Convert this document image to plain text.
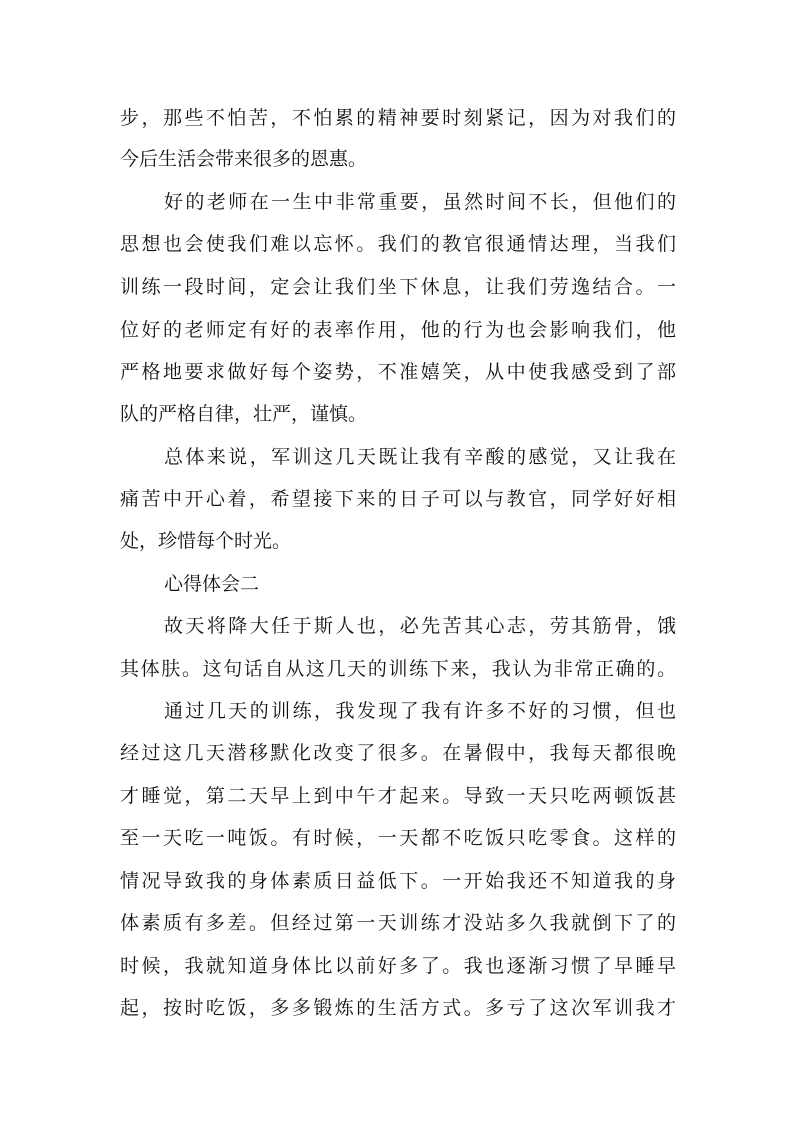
步，那些不怕苦，不怕累的精神要时刻紧记，因为对我们的
今后生活会带来很多的恩惠。
好的老师在一生中非常重要，虽然时间不长，但他们的
思想也会使我们难以忘怀。我们的教官很通情达理，当我们
训练一段时间，定会让我们坐下休息，让我们劳逸结合。一
位好的老师定有好的表率作用，他的行为也会影响我们，他
严格地要求做好每个姿势，不准嬉笑，从中使我感受到了部
队的严格自律，壮严，谨慎。
总体来说，军训这几天既让我有辛酸的感觉，又让我在
痛苦中开心着，希望接下来的日子可以与教官，同学好好相
处，珍惜每个时光。
心得体会二
故天将降大任于斯人也，必先苦其心志，劳其筋骨，饿
其体肤。这句话自从这几天的训练下来，我认为非常正确的。
通过几天的训练，我发现了我有许多不好的习惯，但也
经过这几天潜移默化改变了很多。在暑假中，我每天都很晚
才睡觉，第二天早上到中午才起来。导致一天只吃两顿饭甚
至一天吃一吨饭。有时候，一天都不吃饭只吃零食。这样的
情况导致我的身体素质日益低下。一开始我还不知道我的身
体素质有多差。但经过第一天训练才没站多久我就倒下了的
时候，我就知道身体比以前好多了。我也逐渐习惯了早睡早
起，按时吃饭，多多锻炼的生活方式。多亏了这次军训我才
